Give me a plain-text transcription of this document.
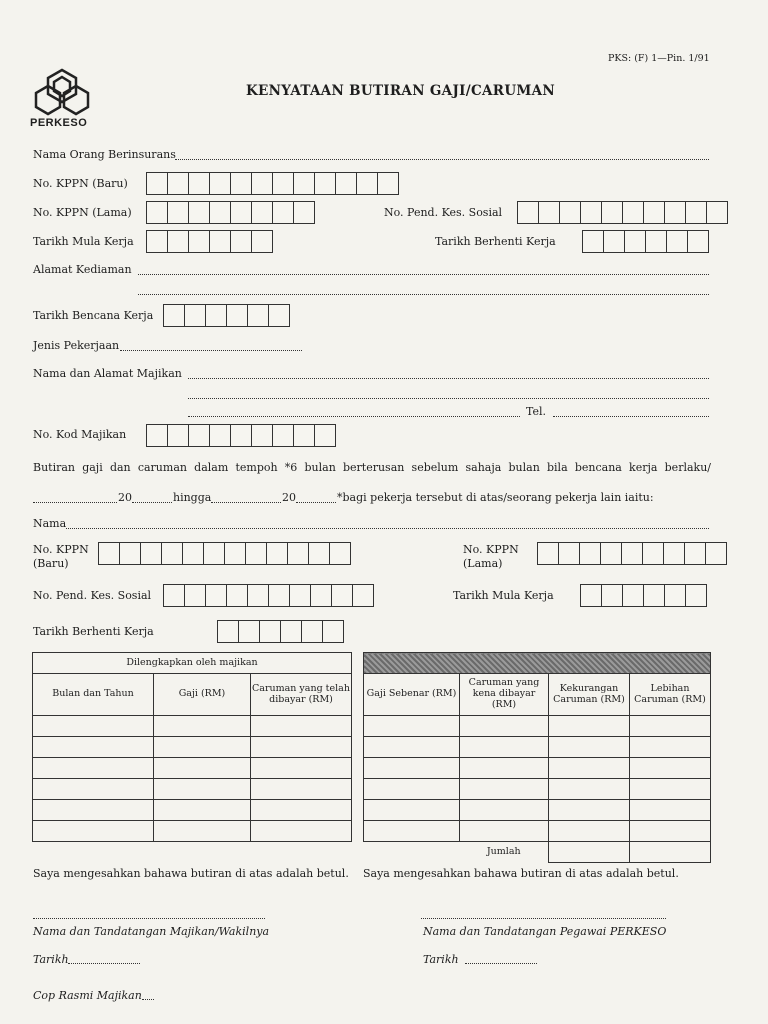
PKS: (F) 1—Pin. 1/91
PERKESO
KENYATAAN BUTIRAN GAJI/CARUMAN
Nama Orang Berinsurans
No. KPPN (Baru)
No. KPPN (Lama)	No. Pend. Kes. Sosial
Tarikh Mula Kerja	Tarikh Berhenti Kerja
Alamat Kediaman
Tarikh Bencana Kerja
Jenis Pekerjaan
Nama dan Alamat Majikan
Tel.
No. Kod Majikan
Butiran gaji dan caruman dalam tempoh *6 bulan berterusan sebelum sahaja bulan bila bencana kerja berlaku/
20	hingga	20	*bagi pekerja tersebut di atas/seorang pekerja lain iaitu:
Nama
No. KPPN
(Baru)
No. KPPN
(Lama)
No. Pend. Kes. Sosial	Tarikh Mula Kerja
Tarikh Berhenti Kerja
Dilengkapkan oleh majikan		
Bulan dan Tahun	Gaji (RM)	Caruman yang telah dibayar (RM)

			Gaji Sebenar (RM)	Caruman yang kena dibayar (RM)	Kekurangan Caruman (RM)	Lebihan Caruman (RM)

	Jumlah		
Saya mengesahkan bahawa butiran di atas adalah betul. Saya mengesahkan bahawa butiran di atas adalah betul.
Nama dan Tandatangan Majikan/Wakilnya	Nama dan Tandatangan Pegawai PERKESO
Tarikh	Tarikh
Cop Rasmi Majikan
